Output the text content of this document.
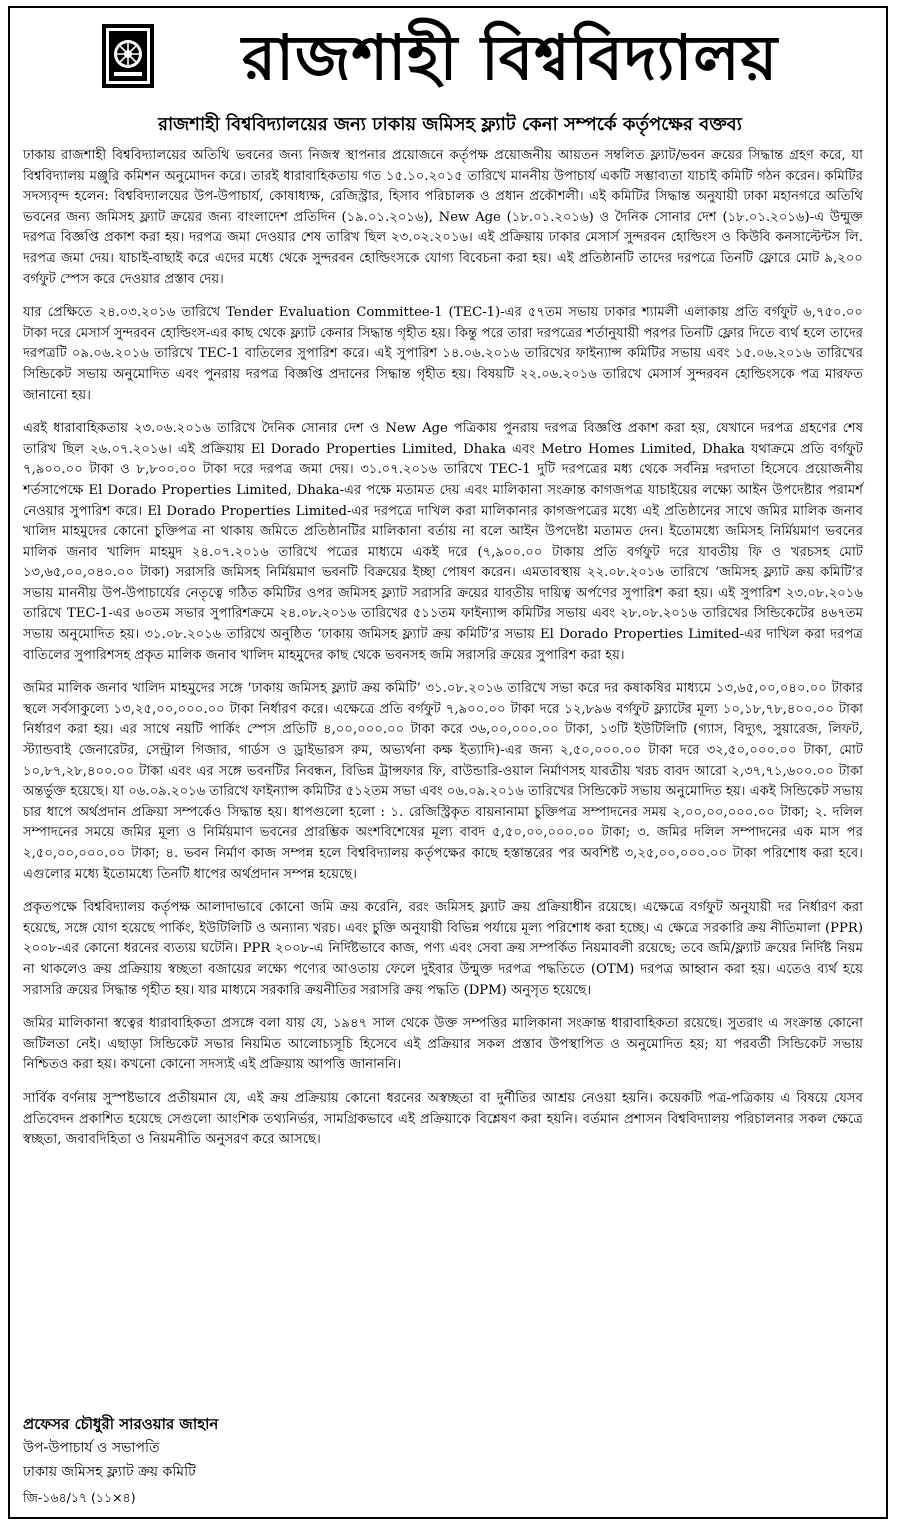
রাজশাহী বিশ্ববিদ্যালয়
রাজশাহী বিশ্ববিদ্যালয়ের জন্য ঢাকায় জমিসহ ফ্ল্যাট কেনা সম্পর্কে কর্তৃপক্ষের বক্তব্য

ঢাকায় রাজশাহী বিশ্ববিদ্যালয়ের অতিথি ভবনের জন্য নিজস্ব স্থাপনার প্রয়োজনে কর্তৃপক্ষ প্রয়োজনীয় আয়তন সম্বলিত ফ্ল্যাট/ভবন ক্রয়ের সিদ্ধান্ত গ্রহণ করে, যা বিশ্ববিদ্যালয় মঞ্জুরি কমিশন অনুমোদন করে। তারই ধারাবাহিকতায় গত ১৫.১০.২০১৫ তারিখে মাননীয় উপাচার্য একটি সম্ভাব্যতা যাচাই কমিটি গঠন করেন। কমিটির সদস্যবৃন্দ হলেন: বিশ্ববিদ্যালয়ের উপ-উপাচার্য, কোষাধ্যক্ষ, রেজিস্ট্রার, হিসাব পরিচালক ও প্রধান প্রকৌশলী। এই কমিটির সিদ্ধান্ত অনুযায়ী ঢাকা মহানগরে অতিথি ভবনের জন্য জমিসহ ফ্ল্যাট ক্রয়ের জন্য বাংলাদেশ প্রতিদিন (১৯.০১.২০১৬), New Age (১৮.০১.২০১৬) ও দৈনিক সোনার দেশ (১৮.০১.২০১৬)-এ উন্মুক্ত দরপত্র বিজ্ঞপ্তি প্রকাশ করা হয়। দরপত্র জমা দেওয়ার শেষ তারিখ ছিল ২৩.০২.২০১৬। এই প্রক্রিয়ায় ঢাকার মেসার্স সুন্দরবন হোল্ডিংস ও কিউবি কনসাল্টেন্টস লি. দরপত্র জমা দেয়। যাচাই-বাছাই করে এদের মধ্যে থেকে সুন্দরবন হোল্ডিংসকে যোগ্য বিবেচনা করা হয়। এই প্রতিষ্ঠানটি তাদের দরপত্রে তিনটি ফ্লোরে মোট ৯,২০০ বর্গফুট স্পেস করে দেওয়ার প্রস্তাব দেয়।

যার প্রেক্ষিতে ২৪.০৩.২০১৬ তারিখে Tender Evaluation Committee-1 (TEC-1)-এর ৫৭তম সভায় ঢাকার শ্যামলী এলাকায় প্রতি বর্গফুট ৬,৭৫০.০০ টাকা দরে মেসার্স সুন্দরবন হোল্ডিংস-এর কাছ থেকে ফ্ল্যাট কেনার সিদ্ধান্ত গৃহীত হয়। কিন্তু পরে তারা দরপত্রের শর্তানুযায়ী পরপর তিনটি ফ্লোর দিতে ব্যর্থ হলে তাদের দরপত্রটি ০৯.০৬.২০১৬ তারিখে TEC-1 বাতিলের সুপারিশ করে। এই সুপারিশ ১৪.০৬.২০১৬ তারিখের ফাইন্যান্স কমিটির সভায় এবং ১৫.০৬.২০১৬ তারিখের সিন্ডিকেট সভায় অনুমোদিত এবং পুনরায় দরপত্র বিজ্ঞপ্তি প্রদানের সিদ্ধান্ত গৃহীত হয়। বিষয়টি ২২.০৬.২০১৬ তারিখে মেসার্স সুন্দরবন হোল্ডিংসকে পত্র মারফত জানানো হয়।

এরই ধারাবাহিকতায় ২৩.০৬.২০১৬ তারিখে দৈনিক সোনার দেশ ও New Age পত্রিকায় পুনরায় দরপত্র বিজ্ঞপ্তি প্রকাশ করা হয়, যেখানে দরপত্র গ্রহণের শেষ তারিখ ছিল ২৬.০৭.২০১৬। এই প্রক্রিয়ায় El Dorado Properties Limited, Dhaka এবং Metro Homes Limited, Dhaka যথাক্রমে প্রতি বর্গফুট ৭,৯০০.০০ টাকা ও ৮,৮০০.০০ টাকা দরে দরপত্র জমা দেয়। ৩১.০৭.২০১৬ তারিখে TEC-1 দুটি দরপত্রের মধ্য থেকে সর্বনিম্ন দরদাতা হিসেবে প্রয়োজনীয় শর্তসাপেক্ষে El Dorado Properties Limited, Dhaka-এর পক্ষে মতামত দেয় এবং মালিকানা সংক্রান্ত কাগজপত্র যাচাইয়ের লক্ষ্যে আইন উপদেষ্টার পরামর্শ নেওয়ার সুপারিশ করে। El Dorado Properties Limited-এর দরপত্রে দাখিল করা মালিকানার কাগজপত্রের মধ্যে এই প্রতিষ্ঠানের সাথে জমির মালিক জনাব খালিদ মাহমুদের কোনো চুক্তিপত্র না থাকায় জমিতে প্রতিষ্ঠানটির মালিকানা বর্তায় না বলে আইন উপদেষ্টা মতামত দেন। ইতোমধ্যে জমিসহ নির্মিয়মাণ ভবনের মালিক জনাব খালিদ মাহমুদ ২৪.০৭.২০১৬ তারিখে পত্রের মাধ্যমে একই দরে (৭,৯০০.০০ টাকায় প্রতি বর্গফুট দরে যাবতীয় ফি ও খরচসহ মোট ১৩,৬৫,০০,০৪০.০০ টাকা) সরাসরি জমিসহ নির্মিয়মাণ ভবনটি বিক্রয়ের ইচ্ছা পোষণ করেন। এমতাবস্থায় ২২.০৮.২০১৬ তারিখে ‘জমিসহ ফ্ল্যাট ক্রয় কমিটি’র সভায় মাননীয় উপ-উপাচার্যের নেতৃত্বে গঠিত কমিটির ওপর জমিসহ ফ্ল্যাট সরাসরি ক্রয়ের যাবতীয় দায়িত্ব অর্পণের সুপারিশ করা হয়। এই সুপারিশ ২৩.০৮.২০১৬ তারিখে TEC-1-এর ৬০তম সভার সুপারিশক্রমে ২৪.০৮.২০১৬ তারিখের ৫১১তম ফাইন্যান্স কমিটির সভায় এবং ২৮.০৮.২০১৬ তারিখের সিন্ডিকেটের ৪৬৭তম সভায় অনুমোদিত হয়। ৩১.০৮.২০১৬ তারিখে অনুষ্ঠিত ‘ঢাকায় জমিসহ ফ্ল্যাট ক্রয় কমিটি’র সভায় El Dorado Properties Limited-এর দাখিল করা দরপত্র বাতিলের সুপারিশসহ প্রকৃত মালিক জনাব খালিদ মাহমুদের কাছ থেকে ভবনসহ জমি সরাসরি ক্রয়ের সুপারিশ করা হয়।

জমির মালিক জনাব খালিদ মাহমুদের সঙ্গে ‘ঢাকায় জমিসহ ফ্ল্যাট ক্রয় কমিটি’ ৩১.০৮.২০১৬ তারিখে সভা করে দর কষাকষির মাধ্যমে ১৩,৬৫,০০,০৪০.০০ টাকার স্থলে সর্বসাকুল্যে ১৩,২৫,০০,০০০.০০ টাকা নির্ধারণ করে। এক্ষেত্রে প্রতি বর্গফুট ৭,৯০০.০০ টাকা দরে ১২,৮৯৬ বর্গফুট ফ্ল্যাটের মূল্য ১০,১৮,৭৮,৪০০.০০ টাকা নির্ধারণ করা হয়। এর সাথে নয়টি পার্কিং স্পেস প্রতিটি ৪,০০,০০০.০০ টাকা করে ৩৬,০০,০০০.০০ টাকা, ১৩টি ইউটিলিটি (গ্যাস, বিদ্যুৎ, সুয়ারেজ, লিফট, স্ট্যান্ডবাই জেনারেটর, সেন্ট্রাল গিজার, গার্ডস ও ড্রাইভারস রুম, অভ্যর্থনা কক্ষ ইত্যাদি)-এর জন্য ২,৫০,০০০.০০ টাকা দরে ৩২,৫০,০০০.০০ টাকা, মোট ১০,৮৭,২৮,৪০০.০০ টাকা এবং এর সঙ্গে ভবনটির নিবন্ধন, বিভিন্ন ট্রান্সফার ফি, বাউন্ডারি-ওয়াল নির্মাণসহ যাবতীয় খরচ বাবদ আরো ২,৩৭,৭১,৬০০.০০ টাকা অন্তর্ভুক্ত হয়েছে। যা ০৬.০৯.২০১৬ তারিখে ফাইন্যান্স কমিটির ৫১২তম সভা এবং ০৬.০৯.২০১৬ তারিখের সিন্ডিকেট সভায় অনুমোদিত হয়। একই সিন্ডিকেট সভায় চার ধাপে অর্থপ্রদান প্রক্রিয়া সম্পর্কেও সিদ্ধান্ত হয়। ধাপগুলো হলো : ১. রেজিস্ট্রিকৃত বায়নানামা চুক্তিপত্র সম্পাদনের সময় ২,০০,০০,০০০.০০ টাকা; ২. দলিল সম্পাদনের সময়ে জমির মূল্য ও নির্মিয়মাণ ভবনের প্রারম্ভিক অংশবিশেষের মূল্য বাবদ ৫,৫০,০০,০০০.০০ টাকা; ৩. জমির দলিল সম্পাদনের এক মাস পর ২,৫০,০০,০০০.০০ টাকা; ৪. ভবন নির্মাণ কাজ সম্পন্ন হলে বিশ্ববিদ্যালয় কর্তৃপক্ষের কাছে হস্তান্তরের পর অবশিষ্ট ৩,২৫,০০,০০০.০০ টাকা পরিশোধ করা হবে। এগুলোর মধ্যে ইতোমধ্যে তিনটি ধাপের অর্থপ্রদান সম্পন্ন হয়েছে।

প্রকৃতপক্ষে বিশ্ববিদ্যালয় কর্তৃপক্ষ আলাদাভাবে কোনো জমি ক্রয় করেনি, বরং জমিসহ ফ্ল্যাট ক্রয় প্রক্রিয়াধীন রয়েছে। এক্ষেত্রে বর্গফুট অনুযায়ী দর নির্ধারণ করা হয়েছে, সঙ্গে যোগ হয়েছে পার্কিং, ইউটিলিটি ও অন্যান্য খরচ। এবং চুক্তি অনুযায়ী বিভিন্ন পর্যায়ে মূল্য পরিশোধ করা হচ্ছে। এ ক্ষেত্রে সরকারি ক্রয় নীতিমালা (PPR) ২০০৮-এর কোনো ধরনের ব্যত্যয় ঘটেনি। PPR ২০০৮-এ নির্দিষ্টভাবে কাজ, পণ্য এবং সেবা ক্রয় সম্পর্কিত নিয়মাবলী রয়েছে; তবে জমি/ফ্ল্যাট ক্রয়ের নির্দিষ্ট নিয়ম না থাকলেও ক্রয় প্রক্রিয়ায় স্বচ্ছতা বজায়ের লক্ষ্যে পণ্যের আওতায় ফেলে দুইবার উন্মুক্ত দরপত্র পদ্ধতিতে (OTM) দরপত্র আহ্বান করা হয়। এতেও ব্যর্থ হয়ে সরাসরি ক্রয়ের সিদ্ধান্ত গৃহীত হয়। যার মাধ্যমে সরকারি ক্রয়নীতির সরাসরি ক্রয় পদ্ধতি (DPM) অনুসৃত হয়েছে।

জমির মালিকানা স্বত্বের ধারাবাহিকতা প্রসঙ্গে বলা যায় যে, ১৯৪৭ সাল থেকে উক্ত সম্পত্তির মালিকানা সংক্রান্ত ধারাবাহিকতা রয়েছে। সুতরাং এ সংক্রান্ত কোনো জটিলতা নেই। এছাড়া সিন্ডিকেট সভার নিয়মিত আলোচ্যসূচি হিসেবে এই প্রক্রিয়ার সকল প্রস্তাব উপস্থাপিত ও অনুমোদিত হয়; যা পরবর্তী সিন্ডিকেট সভায় নিশ্চিতও করা হয়। কখনো কোনো সদস্যই এই প্রক্রিয়ায় আপত্তি জানাননি।

সার্বিক বর্ণনায় সুস্পষ্টভাবে প্রতীয়মান যে, এই ক্রয় প্রক্রিয়ায় কোনো ধরনের অস্বচ্ছতা বা দুর্নীতির আশ্রয় নেওয়া হয়নি। কয়েকটি পত্র-পত্রিকায় এ বিষয়ে যেসব প্রতিবেদন প্রকাশিত হয়েছে সেগুলো আংশিক তথ্যনির্ভর, সামগ্রিকভাবে এই প্রক্রিয়াকে বিশ্লেষণ করা হয়নি। বর্তমান প্রশাসন বিশ্ববিদ্যালয় পরিচালনার সকল ক্ষেত্রে স্বচ্ছতা, জবাবদিহিতা ও নিয়মনীতি অনুসরণ করে আসছে।

প্রফেসর চৌধুরী সারওয়ার জাহান
উপ-উপাচার্য ও সভাপতি
ঢাকায় জমিসহ ফ্ল্যাট ক্রয় কমিটি
জি-১৬৪/১৭ (১১×৪)
